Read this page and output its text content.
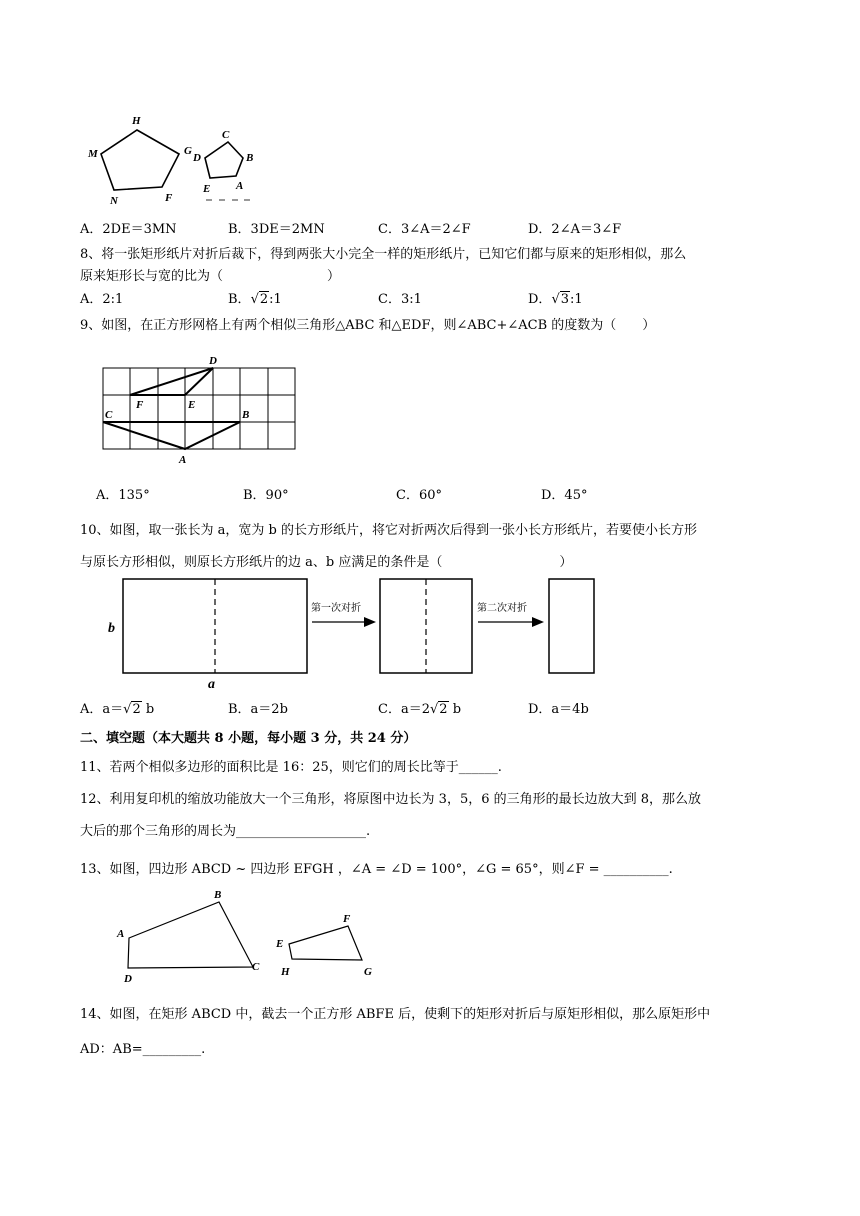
H
M	G
N	F
C
D	B
E A
A．2DE＝3MN	B．3DE＝2MN	C．3∠A＝2∠F	D．2∠A＝3∠F
8、将一张矩形纸片对折后裁下，得到两张大小完全一样的矩形纸片，已知它们都与原来的矩形相似，那么
原来矩形长与宽的比为（　　　　　　　　）
A．2:1	B．√2:1	C．3:1	D．√3:1
9、如图，在正方形网格上有两个相似三角形△ABC 和△EDF，则∠ABC+∠ACB 的度数为（　　）
D
F	E
C	B
A
A．135°	B．90°	C．60°	D．45°
10、如图，取一张长为 a，宽为 b 的长方形纸片，将它对折两次后得到一张小长方形纸片，若要使小长方形
与原长方形相似，则原长方形纸片的边 a、b 应满足的条件是（　　　　　　　　　）
b
a
第一次对折	第二次对折
A．a＝√2 b	B．a＝2b	C．a＝2√2 b	D．a＝4b
二、填空题（本大题共 8 小题，每小题 3 分，共 24 分）
11、若两个相似多边形的面积比是 16：25，则它们的周长比等于______.
12、利用复印机的缩放功能放大一个三角形，将原图中边长为 3，5，6 的三角形的最长边放大到 8，那么放
大后的那个三角形的周长为____________________.
13、如图，四边形 ABCD ~ 四边形 EFGH ，∠A = ∠D = 100°，∠G = 65°，则∠F = __________.
A
B
C
D
E
F
G
H
14、如图，在矩形 ABCD 中，截去一个正方形 ABFE 后，使剩下的矩形对折后与原矩形相似，那么原矩形中
AD：AB=_________.
